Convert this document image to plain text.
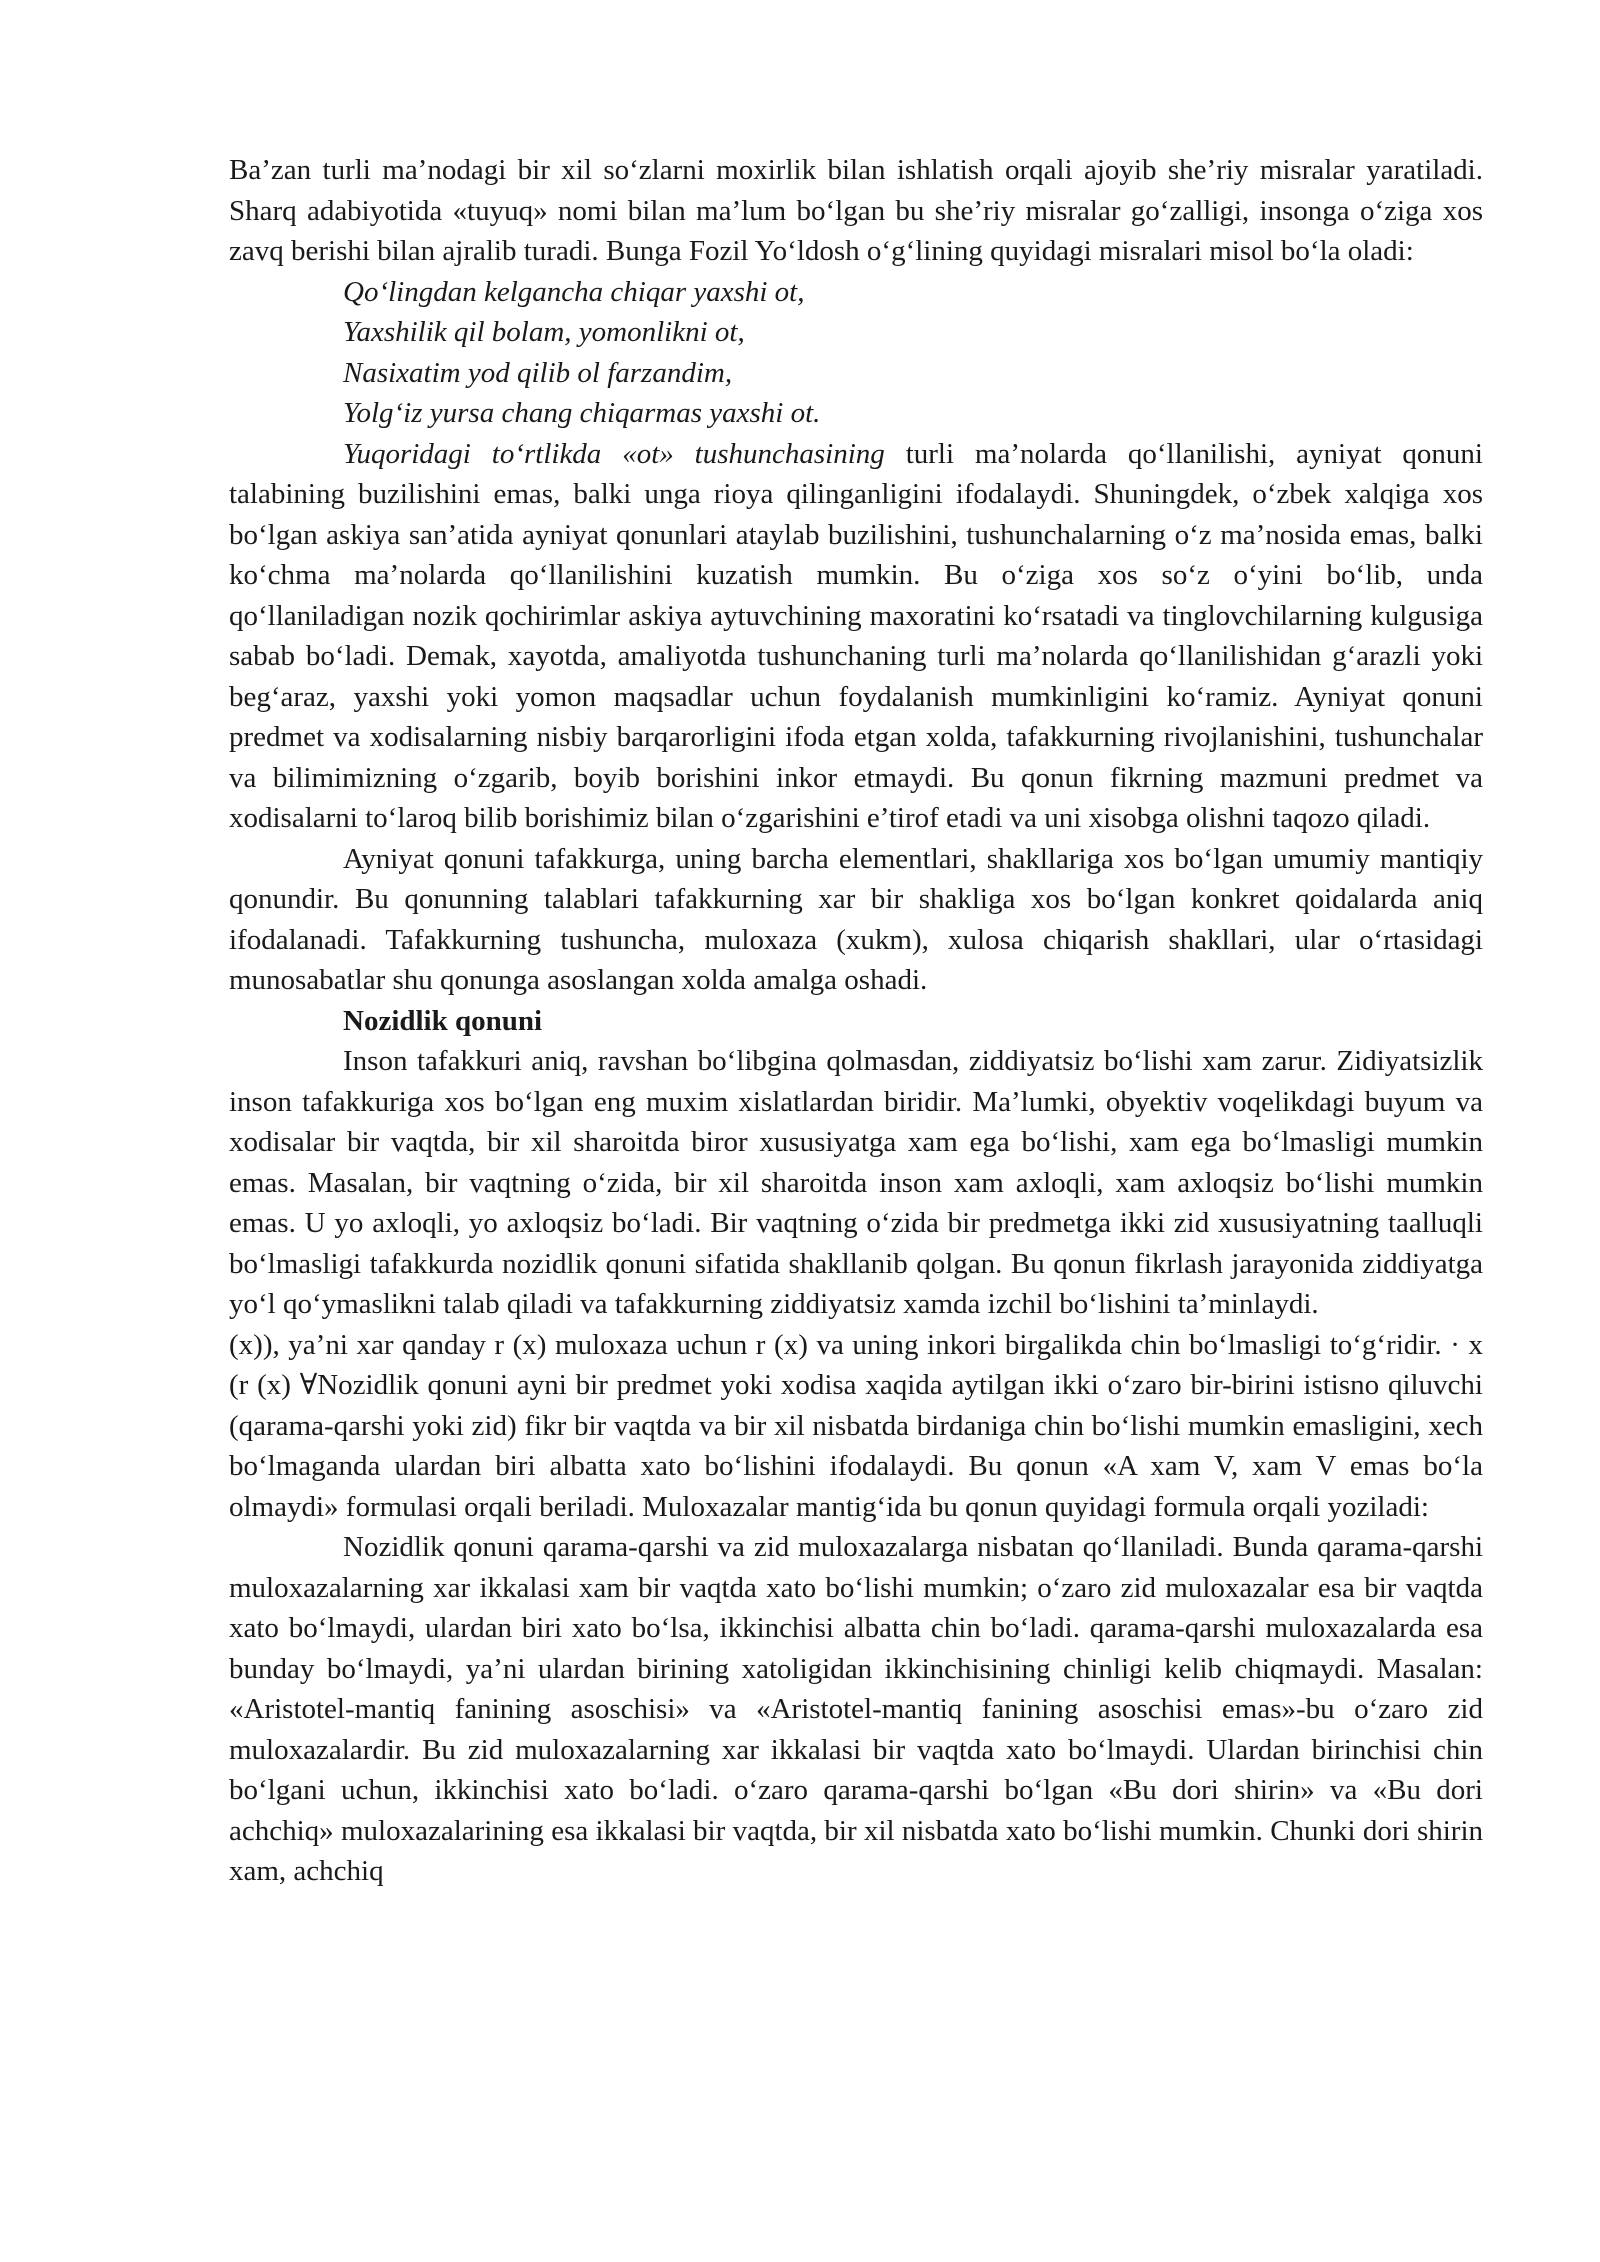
Ba’zan turli ma’nodagi bir xil so‘zlarni moxirlik bilan ishlatish orqali ajoyib she’riy misralar yaratiladi. Sharq adabiyotida «tuyuq» nomi bilan ma’lum bo‘lgan bu she’riy misralar go‘zalligi, insonga o‘ziga xos zavq berishi bilan ajralib turadi. Bunga Fozil Yo‘ldosh o‘g‘lining quyidagi misralari misol bo‘la oladi:

Qo‘lingdan kelgancha chiqar yaxshi ot,

Yaxshilik qil bolam, yomonlikni ot,

Nasixatim yod qilib ol farzandim,

Yolg‘iz yursa chang chiqarmas yaxshi ot.

Yuqoridagi to‘rtlikda «ot» tushunchasining turli ma’nolarda qo‘llanilishi, ayniyat qonuni talabining buzilishini emas, balki unga rioya qilinganligini ifodalaydi. Shuningdek, o‘zbek xalqiga xos bo‘lgan askiya san’atida ayniyat qonunlari ataylab buzilishini, tushunchalarning o‘z ma’nosida emas, balki ko‘chma ma’nolarda qo‘llanilishini kuzatish mumkin. Bu o‘ziga xos so‘z o‘yini bo‘lib, unda qo‘llaniladigan nozik qochirimlar askiya aytuvchining maxoratini ko‘rsatadi va tinglovchilarning kulgusiga sabab bo‘ladi. Demak, xayotda, amaliyotda tushunchaning turli ma’nolarda qo‘llanilishidan g‘arazli yoki beg‘araz, yaxshi yoki yomon maqsadlar uchun foydalanish mumkinligini ko‘ramiz. Ayniyat qonuni predmet va xodisalarning nisbiy barqarorligini ifoda etgan xolda, tafakkurning rivojlanishini, tushunchalar va bilimimizning o‘zgarib, boyib borishini inkor etmaydi. Bu qonun fikrning mazmuni predmet va xodisalarni to‘laroq bilib borishimiz bilan o‘zgarishini e’tirof etadi va uni xisobga olishni taqozo qiladi.

Ayniyat qonuni tafakkurga, uning barcha elementlari, shakllariga xos bo‘lgan umumiy mantiqiy qonundir. Bu qonunning talablari tafakkurning xar bir shakliga xos bo‘lgan konkret qoidalarda aniq ifodalanadi. Tafakkurning tushuncha, muloxaza (xukm), xulosa chiqarish shakllari, ular o‘rtasidagi munosabatlar shu qonunga asoslangan xolda amalga oshadi.

Nozidlik qonuni

Inson tafakkuri aniq, ravshan bo‘libgina qolmasdan, ziddiyatsiz bo‘lishi xam zarur. Zidiyatsizlik inson tafakkuriga xos bo‘lgan eng muxim xislatlardan biridir. Ma’lumki, obyektiv voqelikdagi buyum va xodisalar bir vaqtda, bir xil sharoitda biror xususiyatga xam ega bo‘lishi, xam ega bo‘lmasligi mumkin emas. Masalan, bir vaqtning o‘zida, bir xil sharoitda inson xam axloqli, xam axloqsiz bo‘lishi mumkin emas. U yo axloqli, yo axloqsiz bo‘ladi. Bir vaqtning o‘zida bir predmetga ikki zid xususiyatning taalluqli bo‘lmasligi tafakkurda nozidlik qonuni sifatida shakllanib qolgan. Bu qonun fikrlash jarayonida ziddiyatga yo‘l qo‘ymaslikni talab qiladi va tafakkurning ziddiyatsiz xamda izchil bo‘lishini ta’minlaydi.

(x)), ya’ni xar qanday r (x) muloxaza uchun r (x) va uning inkori birgalikda chin bo‘lmasligi to‘g‘ridir. · x (r (x) ∀Nozidlik qonuni ayni bir predmet yoki xodisa xaqida aytilgan ikki o‘zaro bir-birini istisno qiluvchi (qarama-qarshi yoki zid) fikr bir vaqtda va bir xil nisbatda birdaniga chin bo‘lishi mumkin emasligini, xech bo‘lmaganda ulardan biri albatta xato bo‘lishini ifodalaydi. Bu qonun «A xam V, xam V emas bo‘la olmaydi» formulasi orqali beriladi. Muloxazalar mantig‘ida bu qonun quyidagi formula orqali yoziladi:

Nozidlik qonuni qarama-qarshi va zid muloxazalarga nisbatan qo‘llaniladi. Bunda qarama-qarshi muloxazalarning xar ikkalasi xam bir vaqtda xato bo‘lishi mumkin; o‘zaro zid muloxazalar esa bir vaqtda xato bo‘lmaydi, ulardan biri xato bo‘lsa, ikkinchisi albatta chin bo‘ladi. qarama-qarshi muloxazalarda esa bunday bo‘lmaydi, ya’ni ulardan birining xatoligidan ikkinchisining chinligi kelib chiqmaydi. Masalan: «Aristotel-mantiq fanining asoschisi» va «Aristotel-mantiq fanining asoschisi emas»-bu o‘zaro zid muloxazalardir. Bu zid muloxazalarning xar ikkalasi bir vaqtda xato bo‘lmaydi. Ulardan birinchisi chin bo‘lgani uchun, ikkinchisi xato bo‘ladi. o‘zaro qarama-qarshi bo‘lgan «Bu dori shirin» va «Bu dori achchiq» muloxazalarining esa ikkalasi bir vaqtda, bir xil nisbatda xato bo‘lishi mumkin. Chunki dori shirin xam, achchiq
